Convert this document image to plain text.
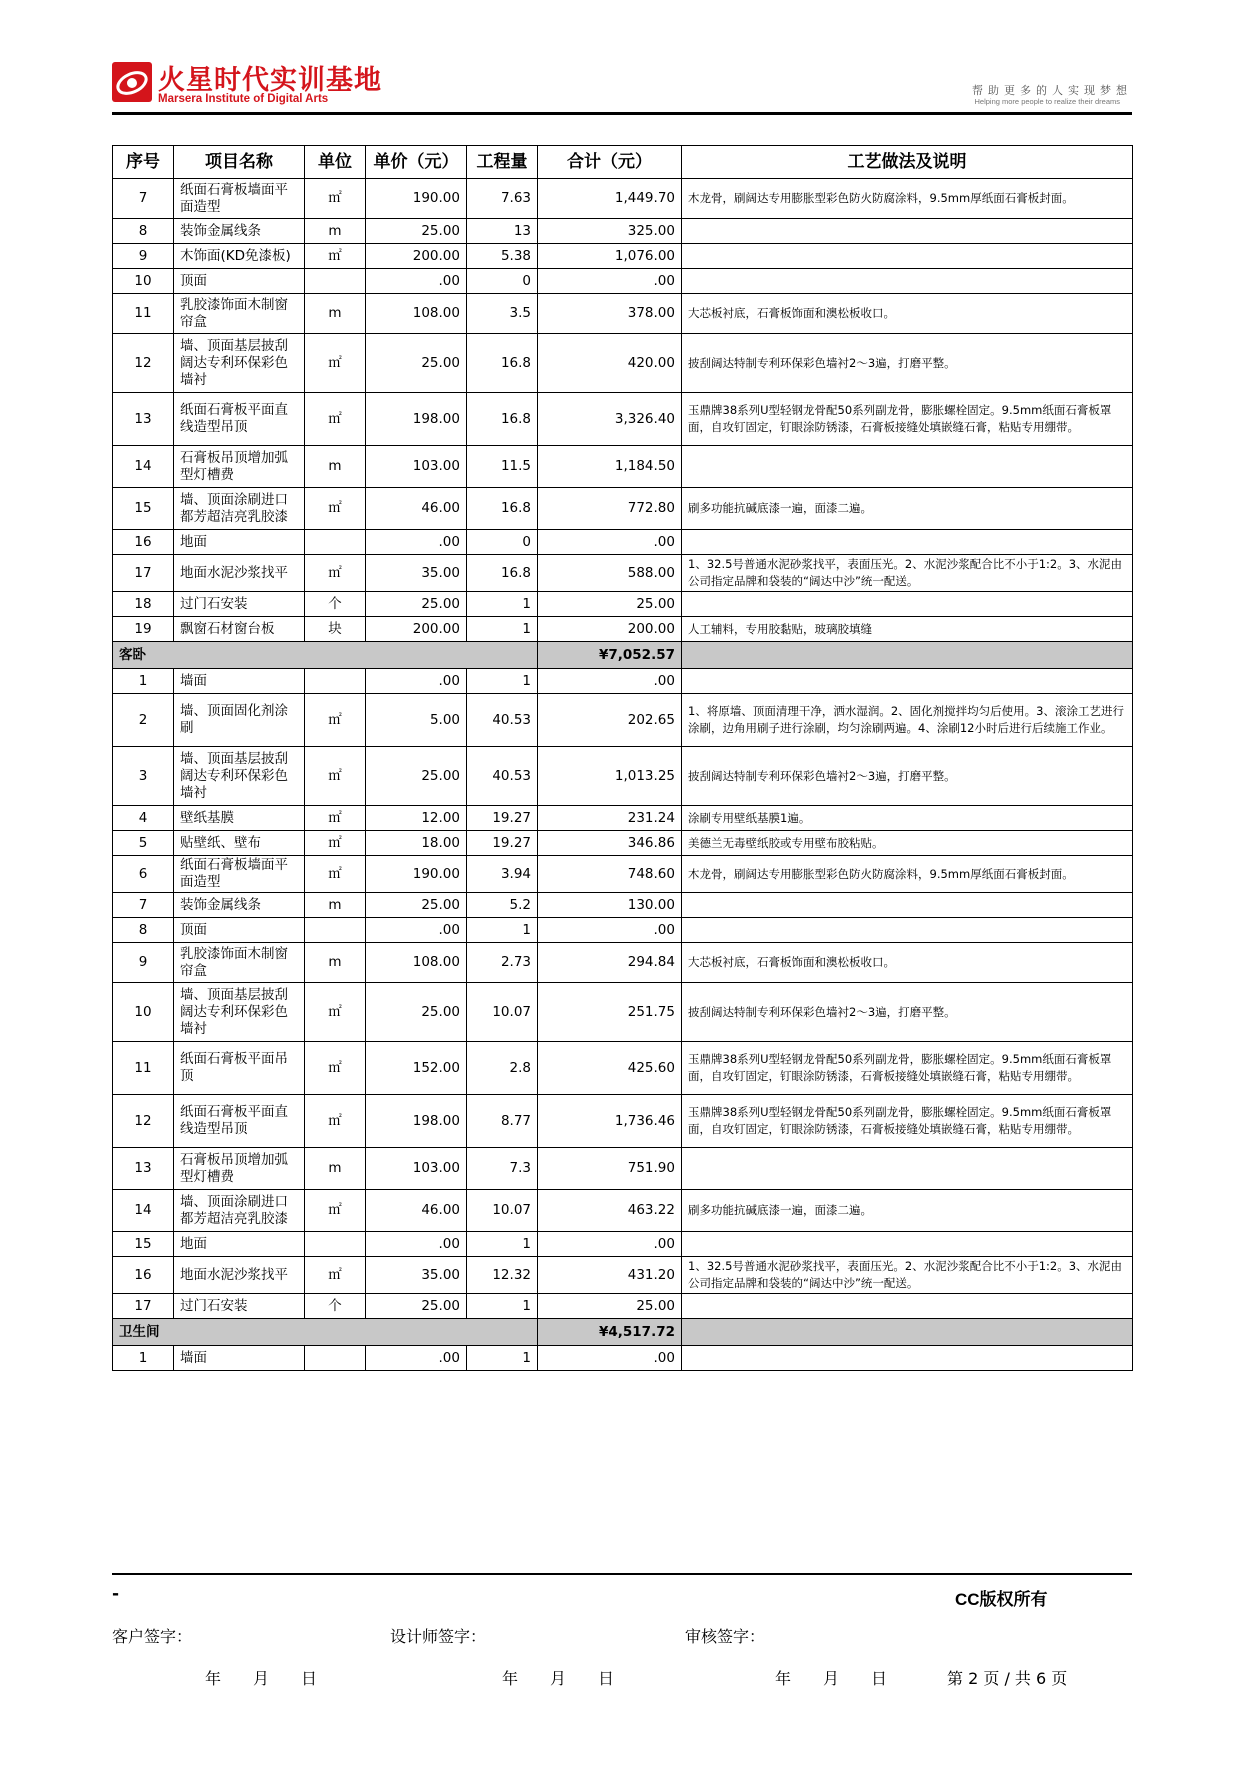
火星时代实训基地
Marsera Institute of Digital Arts
帮助更多的人实现梦想
Helping more people to realize their dreams
序号	项目名称	单位	单价（元）	工程量	合计（元）	工艺做法及说明
7	纸面石膏板墙面平面造型	㎡	190.00	7.63	1,449.70	木龙骨，刷阔达专用膨胀型彩色防火防腐涂料，9.5mm厚纸面石膏板封面。
8	装饰金属线条	m	25.00	13	325.00	
9	木饰面(KD免漆板)	㎡	200.00	5.38	1,076.00	
10	顶面		.00	0	.00	
11	乳胶漆饰面木制窗帘盒	m	108.00	3.5	378.00	大芯板衬底，石膏板饰面和澳松板收口。
12	墙、顶面基层披刮阔达专利环保彩色墙衬	㎡	25.00	16.8	420.00	披刮阔达特制专利环保彩色墙衬2～3遍，打磨平整。
13	纸面石膏板平面直线造型吊顶	㎡	198.00	16.8	3,326.40	玉鼎牌38系列U型轻钢龙骨配50系列副龙骨，膨胀螺栓固定。9.5mm纸面石膏板罩面，自攻钉固定，钉眼涂防锈漆，石膏板接缝处填嵌缝石膏，粘贴专用绷带。
14	石膏板吊顶增加弧型灯槽费	m	103.00	11.5	1,184.50	
15	墙、顶面涂刷进口都芳超洁亮乳胶漆	㎡	46.00	16.8	772.80	刷多功能抗碱底漆一遍，面漆二遍。
16	地面		.00	0	.00	
17	地面水泥沙浆找平	㎡	35.00	16.8	588.00	1、32.5号普通水泥砂浆找平，表面压光。2、水泥沙浆配合比不小于1:2。3、水泥由公司指定品牌和袋装的“阔达中沙”统一配送。
18	过门石安装	个	25.00	1	25.00	
19	飘窗石材窗台板	块	200.00	1	200.00	人工辅料，专用胶黏贴，玻璃胶填缝
客卧					¥7,052.57	
1	墙面		.00	1	.00	
2	墙、顶面固化剂涂刷	㎡	5.00	40.53	202.65	1、将原墙、顶面清理干净，洒水湿润。2、固化剂搅拌均匀后使用。3、滚涂工艺进行涂刷，边角用刷子进行涂刷，均匀涂刷两遍。4、涂刷12小时后进行后续施工作业。
3	墙、顶面基层披刮阔达专利环保彩色墙衬	㎡	25.00	40.53	1,013.25	披刮阔达特制专利环保彩色墙衬2～3遍，打磨平整。
4	壁纸基膜	㎡	12.00	19.27	231.24	涂刷专用壁纸基膜1遍。
5	贴壁纸、壁布	㎡	18.00	19.27	346.86	美德兰无毒壁纸胶或专用壁布胶粘贴。
6	纸面石膏板墙面平面造型	㎡	190.00	3.94	748.60	木龙骨，刷阔达专用膨胀型彩色防火防腐涂料，9.5mm厚纸面石膏板封面。
7	装饰金属线条	m	25.00	5.2	130.00	
8	顶面		.00	1	.00	
9	乳胶漆饰面木制窗帘盒	m	108.00	2.73	294.84	大芯板衬底，石膏板饰面和澳松板收口。
10	墙、顶面基层披刮阔达专利环保彩色墙衬	㎡	25.00	10.07	251.75	披刮阔达特制专利环保彩色墙衬2～3遍，打磨平整。
11	纸面石膏板平面吊顶	㎡	152.00	2.8	425.60	玉鼎牌38系列U型轻钢龙骨配50系列副龙骨，膨胀螺栓固定。9.5mm纸面石膏板罩面，自攻钉固定，钉眼涂防锈漆，石膏板接缝处填嵌缝石膏，粘贴专用绷带。
12	纸面石膏板平面直线造型吊顶	㎡	198.00	8.77	1,736.46	玉鼎牌38系列U型轻钢龙骨配50系列副龙骨，膨胀螺栓固定。9.5mm纸面石膏板罩面，自攻钉固定，钉眼涂防锈漆，石膏板接缝处填嵌缝石膏，粘贴专用绷带。
13	石膏板吊顶增加弧型灯槽费	m	103.00	7.3	751.90	
14	墙、顶面涂刷进口都芳超洁亮乳胶漆	㎡	46.00	10.07	463.22	刷多功能抗碱底漆一遍，面漆二遍。
15	地面		.00	1	.00	
16	地面水泥沙浆找平	㎡	35.00	12.32	431.20	1、32.5号普通水泥砂浆找平，表面压光。2、水泥沙浆配合比不小于1:2。3、水泥由公司指定品牌和袋装的“阔达中沙”统一配送。
17	过门石安装	个	25.00	1	25.00	
卫生间					¥4,517.72	
1	墙面		.00	1	.00	
-	CC版权所有
客户签字：	设计师签字：	审核签字：
年　　月　　日	年　　月　　日	年　　月　　日	第 2 页 / 共 6 页
